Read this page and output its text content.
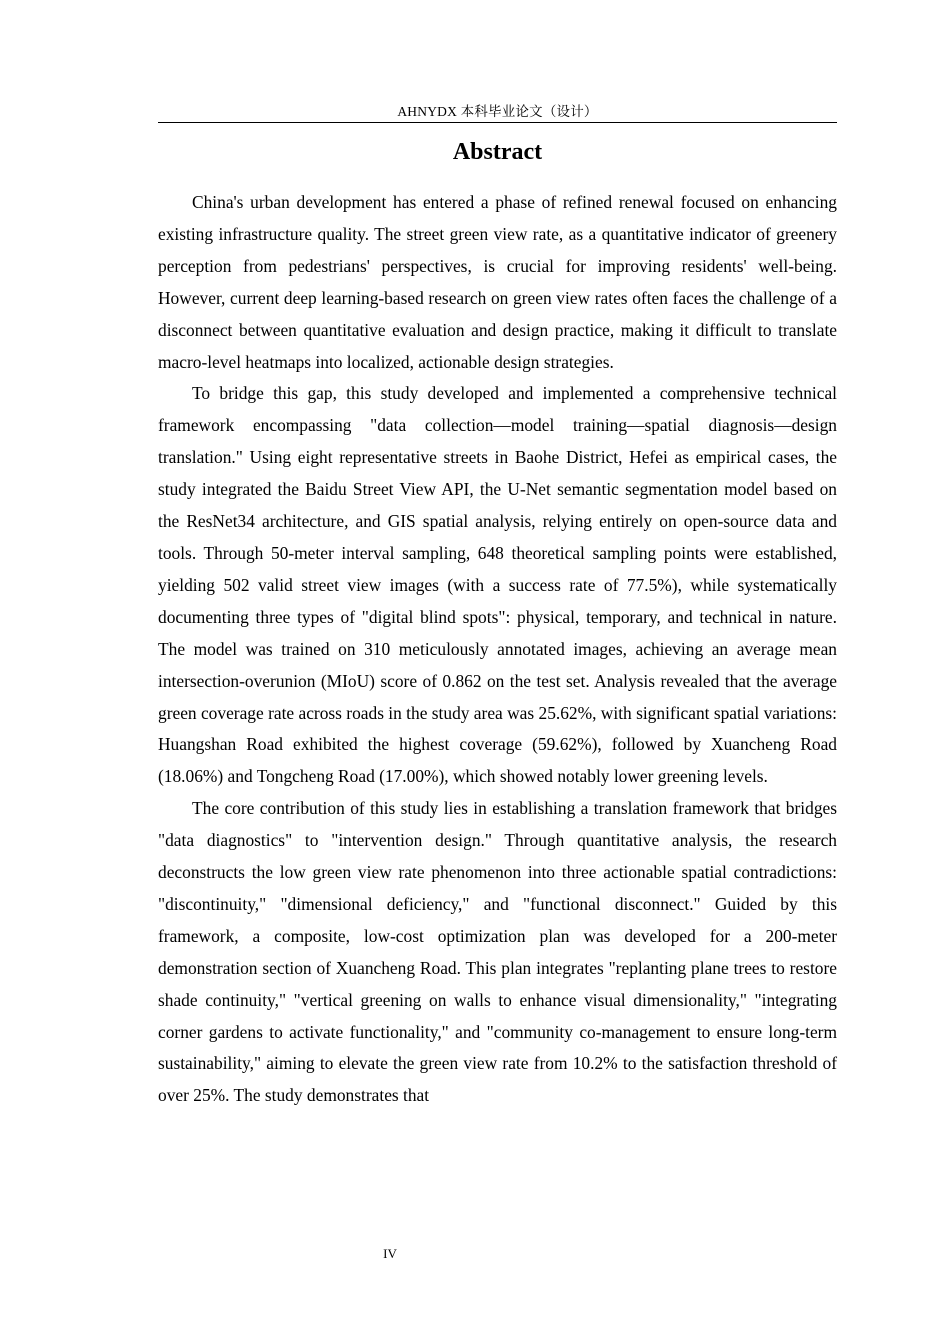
AHNYDX 本科毕业论文（设计）
Abstract

China's urban development has entered a phase of refined renewal focused on enhancing existing infrastructure quality. The street green view rate, as a quantitative indicator of greenery perception from pedestrians' perspectives, is crucial for improving residents' well-being. However, current deep learning-based research on green view rates often faces the challenge of a disconnect between quantitative evaluation and design practice, making it difficult to translate macro-level heatmaps into localized, actionable design strategies.

To bridge this gap, this study developed and implemented a comprehensive technical framework encompassing "data collection—model training—spatial diagnosis—design translation." Using eight representative streets in Baohe District, Hefei as empirical cases, the study integrated the Baidu Street View API, the U-Net semantic segmentation model based on the ResNet34 architecture, and GIS spatial analysis, relying entirely on open-source data and tools. Through 50-meter interval sampling, 648 theoretical sampling points were established, yielding 502 valid street view images (with a success rate of 77.5%), while systematically documenting three types of "digital blind spots": physical, temporary, and technical in nature. The model was trained on 310 meticulously annotated images, achieving an average mean intersection-overunion (MIoU) score of 0.862 on the test set. Analysis revealed that the average green coverage rate across roads in the study area was 25.62%, with significant spatial variations: Huangshan Road exhibited the highest coverage (59.62%), followed by Xuancheng Road (18.06%) and Tongcheng Road (17.00%), which showed notably lower greening levels.

The core contribution of this study lies in establishing a translation framework that bridges "data diagnostics" to "intervention design." Through quantitative analysis, the research deconstructs the low green view rate phenomenon into three actionable spatial contradictions: "discontinuity," "dimensional deficiency," and "functional disconnect." Guided by this framework, a composite, low-cost optimization plan was developed for a 200-meter demonstration section of Xuancheng Road. This plan integrates "replanting plane trees to restore shade continuity," "vertical greening on walls to enhance visual dimensionality," "integrating corner gardens to activate functionality," and "community co-management to ensure long-term sustainability," aiming to elevate the green view rate from 10.2% to the satisfaction threshold of over 25%. The study demonstrates that

IV
